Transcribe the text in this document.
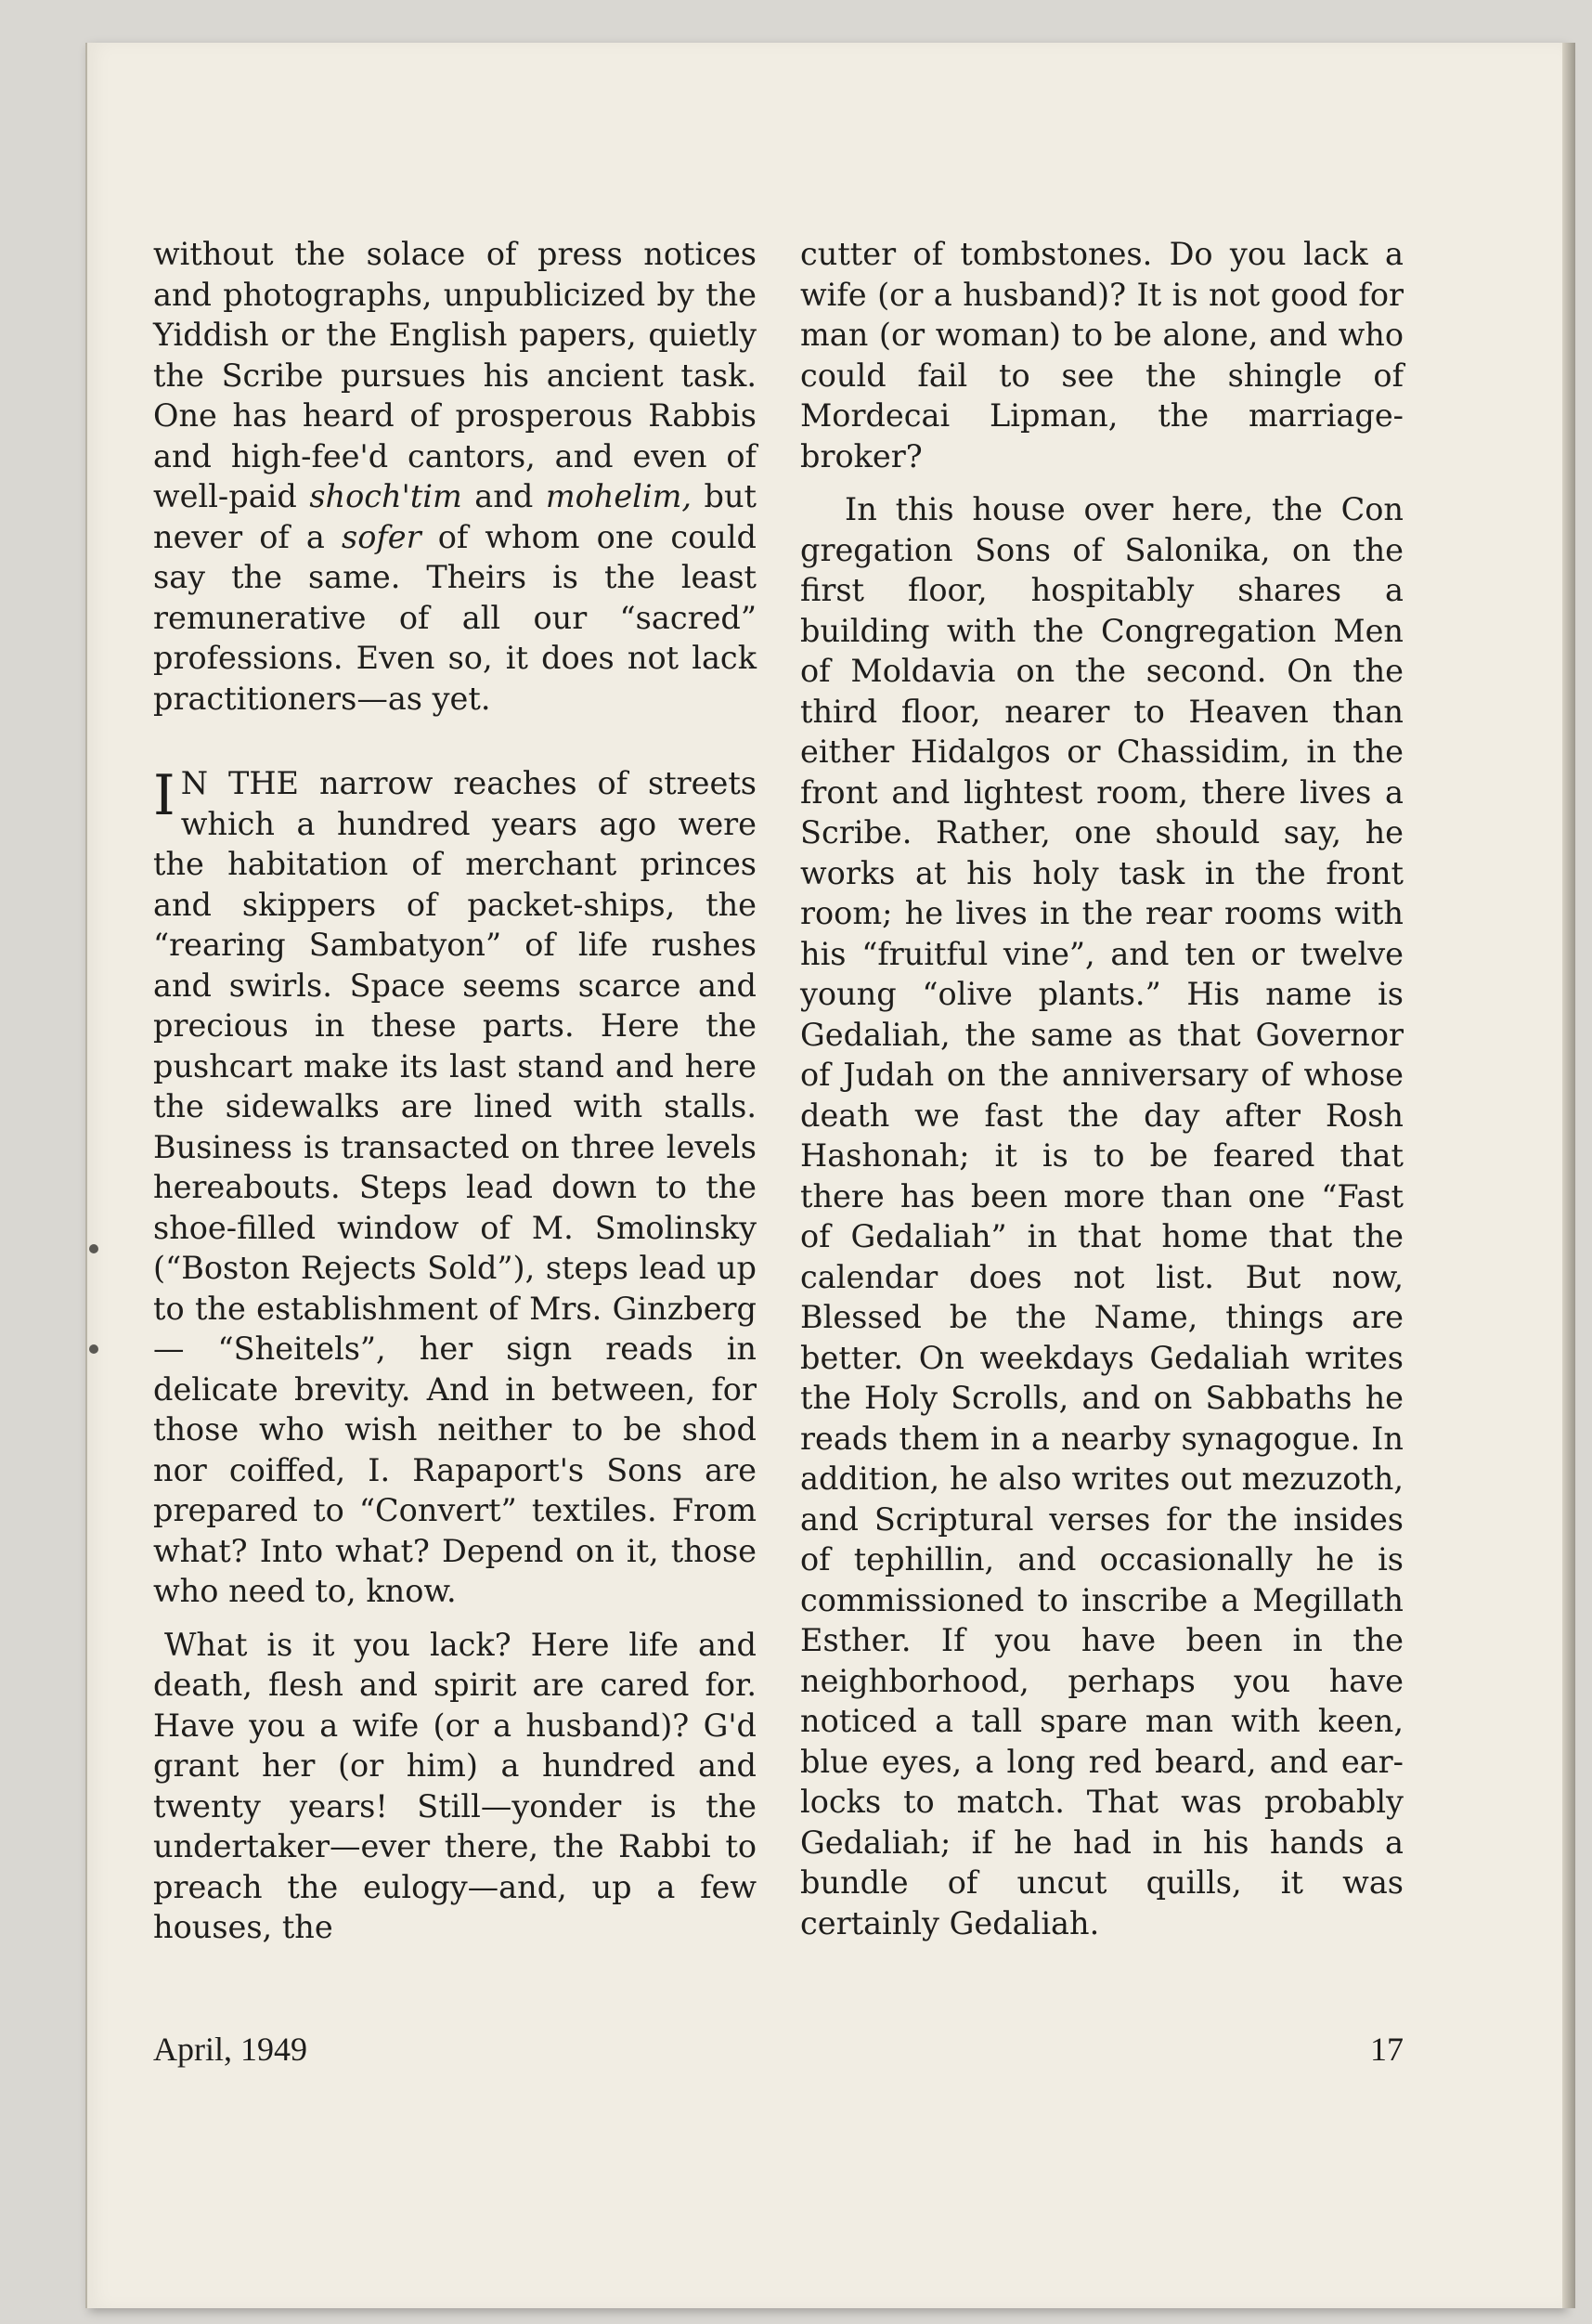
without the solace of press notices and photographs, unpublicized by the Yiddish or the English papers, quietly the Scribe pursues his ancient task. One has heard of prosperous Rabbis and high-fee'd cantors, and even of well-paid shoch'tim and mohelim, but never of a sofer of whom one could say the same. Theirs is the least remunerative of all our “sacred” professions. Even so, it does not lack practitioners—as yet.

I N THE narrow reaches of streets which a hundred years ago were the habitation of merchant princes and skippers of packet-ships, the “rearing Sambatyon” of life rushes and swirls. Space seems scarce and precious in these parts. Here the pushcart make its last stand and here the sidewalks are lined with stalls. Business is transacted on three levels hereabouts. Steps lead down to the shoe-filled window of M. Smolinsky (“Boston Rejects Sold”), steps lead up to the establishment of Mrs. Ginzberg — “Sheitels”, her sign reads in delicate brevity. And in between, for those who wish neither to be shod nor coiffed, I. Rapaport's Sons are prepared to “Convert” textiles. From what? Into what? Depend on it, those who need to, know.

What is it you lack? Here life and death, flesh and spirit are cared for. Have you a wife (or a husband)? G'd grant her (or him) a hundred and twenty years! Still—yonder is the undertaker—ever there, the Rabbi to preach the eulogy—and, up a few houses, the

cutter of tombstones. Do you lack a wife (or a husband)? It is not good for man (or woman) to be alone, and who could fail to see the shingle of Mordecai Lipman, the marriage-broker?

In this house over here, the Con gregation Sons of Salonika, on the first floor, hospitably shares a building with the Congregation Men of Moldavia on the second. On the third floor, nearer to Heaven than either Hidalgos or Chassidim, in the front and lightest room, there lives a Scribe. Rather, one should say, he works at his holy task in the front room; he lives in the rear rooms with his “fruitful vine”, and ten or twelve young “olive plants.” His name is Gedaliah, the same as that Governor of Judah on the anniversary of whose death we fast the day after Rosh Hashonah; it is to be feared that there has been more than one “Fast of Gedaliah” in that home that the calendar does not list. But now, Blessed be the Name, things are better. On weekdays Gedaliah writes the Holy Scrolls, and on Sabbaths he reads them in a nearby synagogue. In addition, he also writes out mezuzoth, and Scriptural verses for the insides of tephillin, and occasionally he is commissioned to inscribe a Megillath Esther. If you have been in the neighborhood, perhaps you have noticed a tall spare man with keen, blue eyes, a long red beard, and ear-locks to match. That was probably Gedaliah; if he had in his hands a bundle of uncut quills, it was certainly Gedaliah.

April, 1949	17
